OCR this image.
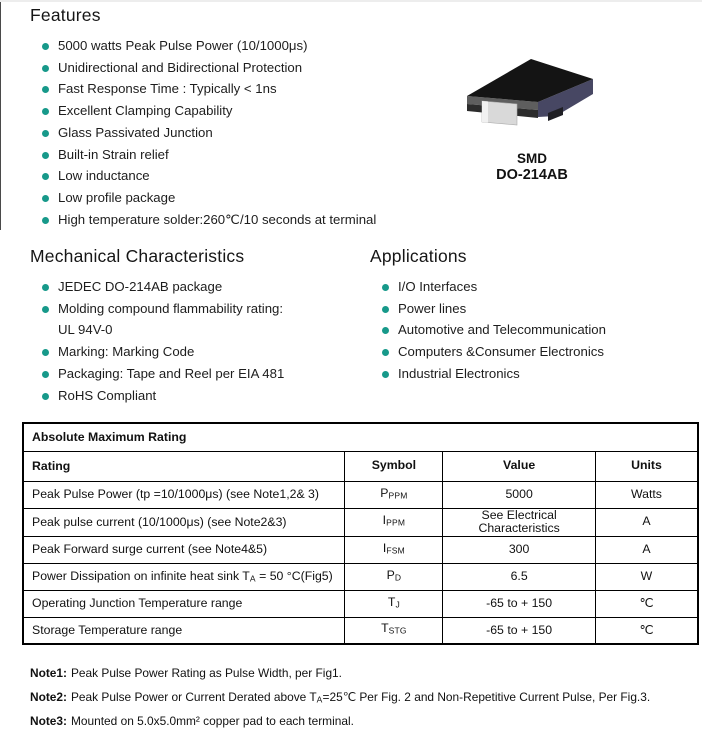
Features
5000 watts Peak Pulse Power (10/1000μs)
Unidirectional and Bidirectional Protection
Fast Response Time : Typically < 1ns
Excellent Clamping Capability
Glass Passivated Junction
Built-in Strain relief
Low inductance
Low profile package
High temperature solder:260℃/10 seconds at terminal
SMD
DO-214AB
Mechanical Characteristics
JEDEC DO-214AB package
Molding compound flammability rating:
UL 94V-0
Marking: Marking Code
Packaging: Tape and Reel per EIA 481
RoHS Compliant
Applications
I/O Interfaces
Power lines
Automotive and Telecommunication
Computers &Consumer Electronics
Industrial Electronics
Absolute Maximum Rating			
Rating	Symbol	Value	Units
Peak Pulse Power (tp =10/1000μs) (see Note1,2& 3)	$P_{PPM}$	5000	Watts
Peak pulse current (10/1000μs) (see Note2&3)	$I_{PPM}$	See Electrical Characteristics	A
Peak Forward surge current (see Note4&5)	$I_{FSM}$	300	A
Power Dissipation on infinite heat sink $T_A = 50$ °C(Fig5)	$P_D$	6.5	W
Operating Junction Temperature range	$T_J$	-65 to + 150	℃
Storage Temperature range	$T_{STG}$	-65 to + 150	℃
Note1: Peak Pulse Power Rating as Pulse Width, per Fig1.
Note2: Peak Pulse Power or Current Derated above $T_A=25℃$ Per Fig. 2 and Non-Repetitive Current Pulse, Per Fig.3.
Note3: Mounted on 5.0x5.0mm² copper pad to each terminal.
